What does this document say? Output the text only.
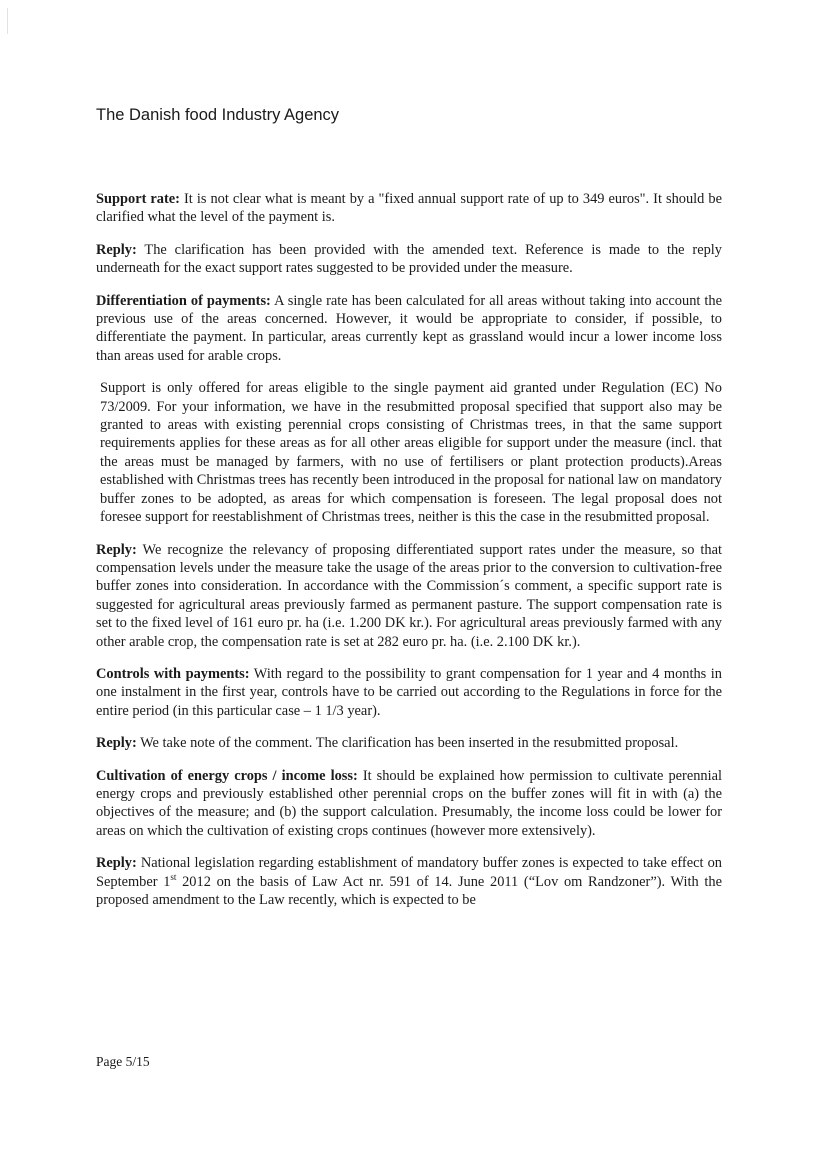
The Danish food Industry Agency

Support rate: It is not clear what is meant by a "fixed annual support rate of up to 349 euros". It should be clarified what the level of the payment is.

Reply: The clarification has been provided with the amended text. Reference is made to the reply underneath for the exact support rates suggested to be provided under the measure.

Differentiation of payments: A single rate has been calculated for all areas without taking into account the previous use of the areas concerned. However, it would be appropriate to consider, if possible, to differentiate the payment. In particular, areas currently kept as grassland would incur a lower income loss than areas used for arable crops.

Support is only offered for areas eligible to the single payment aid granted under Regulation (EC) No 73/2009. For your information, we have in the resubmitted proposal specified that support also may be granted to areas with existing perennial crops consisting of Christmas trees, in that the same support requirements applies for these areas as for all other areas eligible for support under the measure (incl. that the areas must be managed by farmers, with no use of fertilisers or plant protection products).Areas established with Christmas trees has recently been introduced in the proposal for national law on mandatory buffer zones to be adopted, as areas for which compensation is foreseen. The legal proposal does not foresee support for reestablishment of Christmas trees, neither is this the case in the resubmitted proposal.

Reply: We recognize the relevancy of proposing differentiated support rates under the measure, so that compensation levels under the measure take the usage of the areas prior to the conversion to cultivation-free buffer zones into consideration. In accordance with the Commission´s comment, a specific support rate is suggested for agricultural areas previously farmed as permanent pasture. The support compensation rate is set to the fixed level of 161 euro pr. ha (i.e. 1.200 DK kr.). For agricultural areas previously farmed with any other arable crop, the compensation rate is set at 282 euro pr. ha. (i.e. 2.100 DK kr.).

Controls with payments: With regard to the possibility to grant compensation for 1 year and 4 months in one instalment in the first year, controls have to be carried out according to the Regulations in force for the entire period (in this particular case – 1 1/3 year).

Reply: We take note of the comment. The clarification has been inserted in the resubmitted proposal.

Cultivation of energy crops / income loss: It should be explained how permission to cultivate perennial energy crops and previously established other perennial crops on the buffer zones will fit in with (a) the objectives of the measure; and (b) the support calculation. Presumably, the income loss could be lower for areas on which the cultivation of existing crops continues (however more extensively).

Reply: National legislation regarding establishment of mandatory buffer zones is expected to take effect on September 1st 2012 on the basis of Law Act nr. 591 of 14. June 2011 (“Lov om Randzoner”). With the proposed amendment to the Law recently, which is expected to be

Page 5/15
